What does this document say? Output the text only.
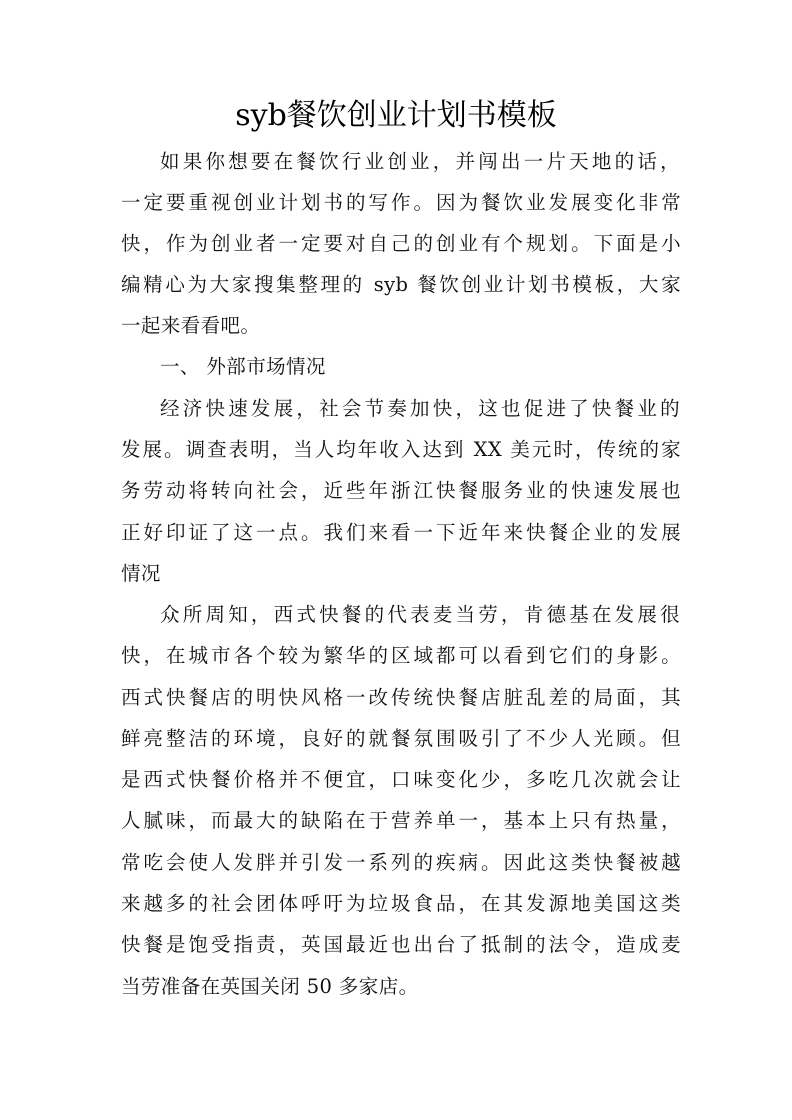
syb餐饮创业计划书模板
如果你想要在餐饮行业创业，并闯出一片天地的话，
一定要重视创业计划书的写作。因为餐饮业发展变化非常
快，作为创业者一定要对自己的创业有个规划。下面是小
编精心为大家搜集整理的 syb 餐饮创业计划书模板，大家
一起来看看吧。
一、 外部市场情况
经济快速发展，社会节奏加快，这也促进了快餐业的
发展。调查表明，当人均年收入达到 XX 美元时，传统的家
务劳动将转向社会，近些年浙江快餐服务业的快速发展也
正好印证了这一点。我们来看一下近年来快餐企业的发展
情况
众所周知，西式快餐的代表麦当劳，肯德基在发展很
快，在城市各个较为繁华的区域都可以看到它们的身影。
西式快餐店的明快风格一改传统快餐店脏乱差的局面，其
鲜亮整洁的环境，良好的就餐氛围吸引了不少人光顾。但
是西式快餐价格并不便宜，口味变化少，多吃几次就会让
人腻味，而最大的缺陷在于营养单一，基本上只有热量，
常吃会使人发胖并引发一系列的疾病。因此这类快餐被越
来越多的社会团体呼吁为垃圾食品，在其发源地美国这类
快餐是饱受指责，英国最近也出台了抵制的法令，造成麦
当劳准备在英国关闭 50 多家店。
